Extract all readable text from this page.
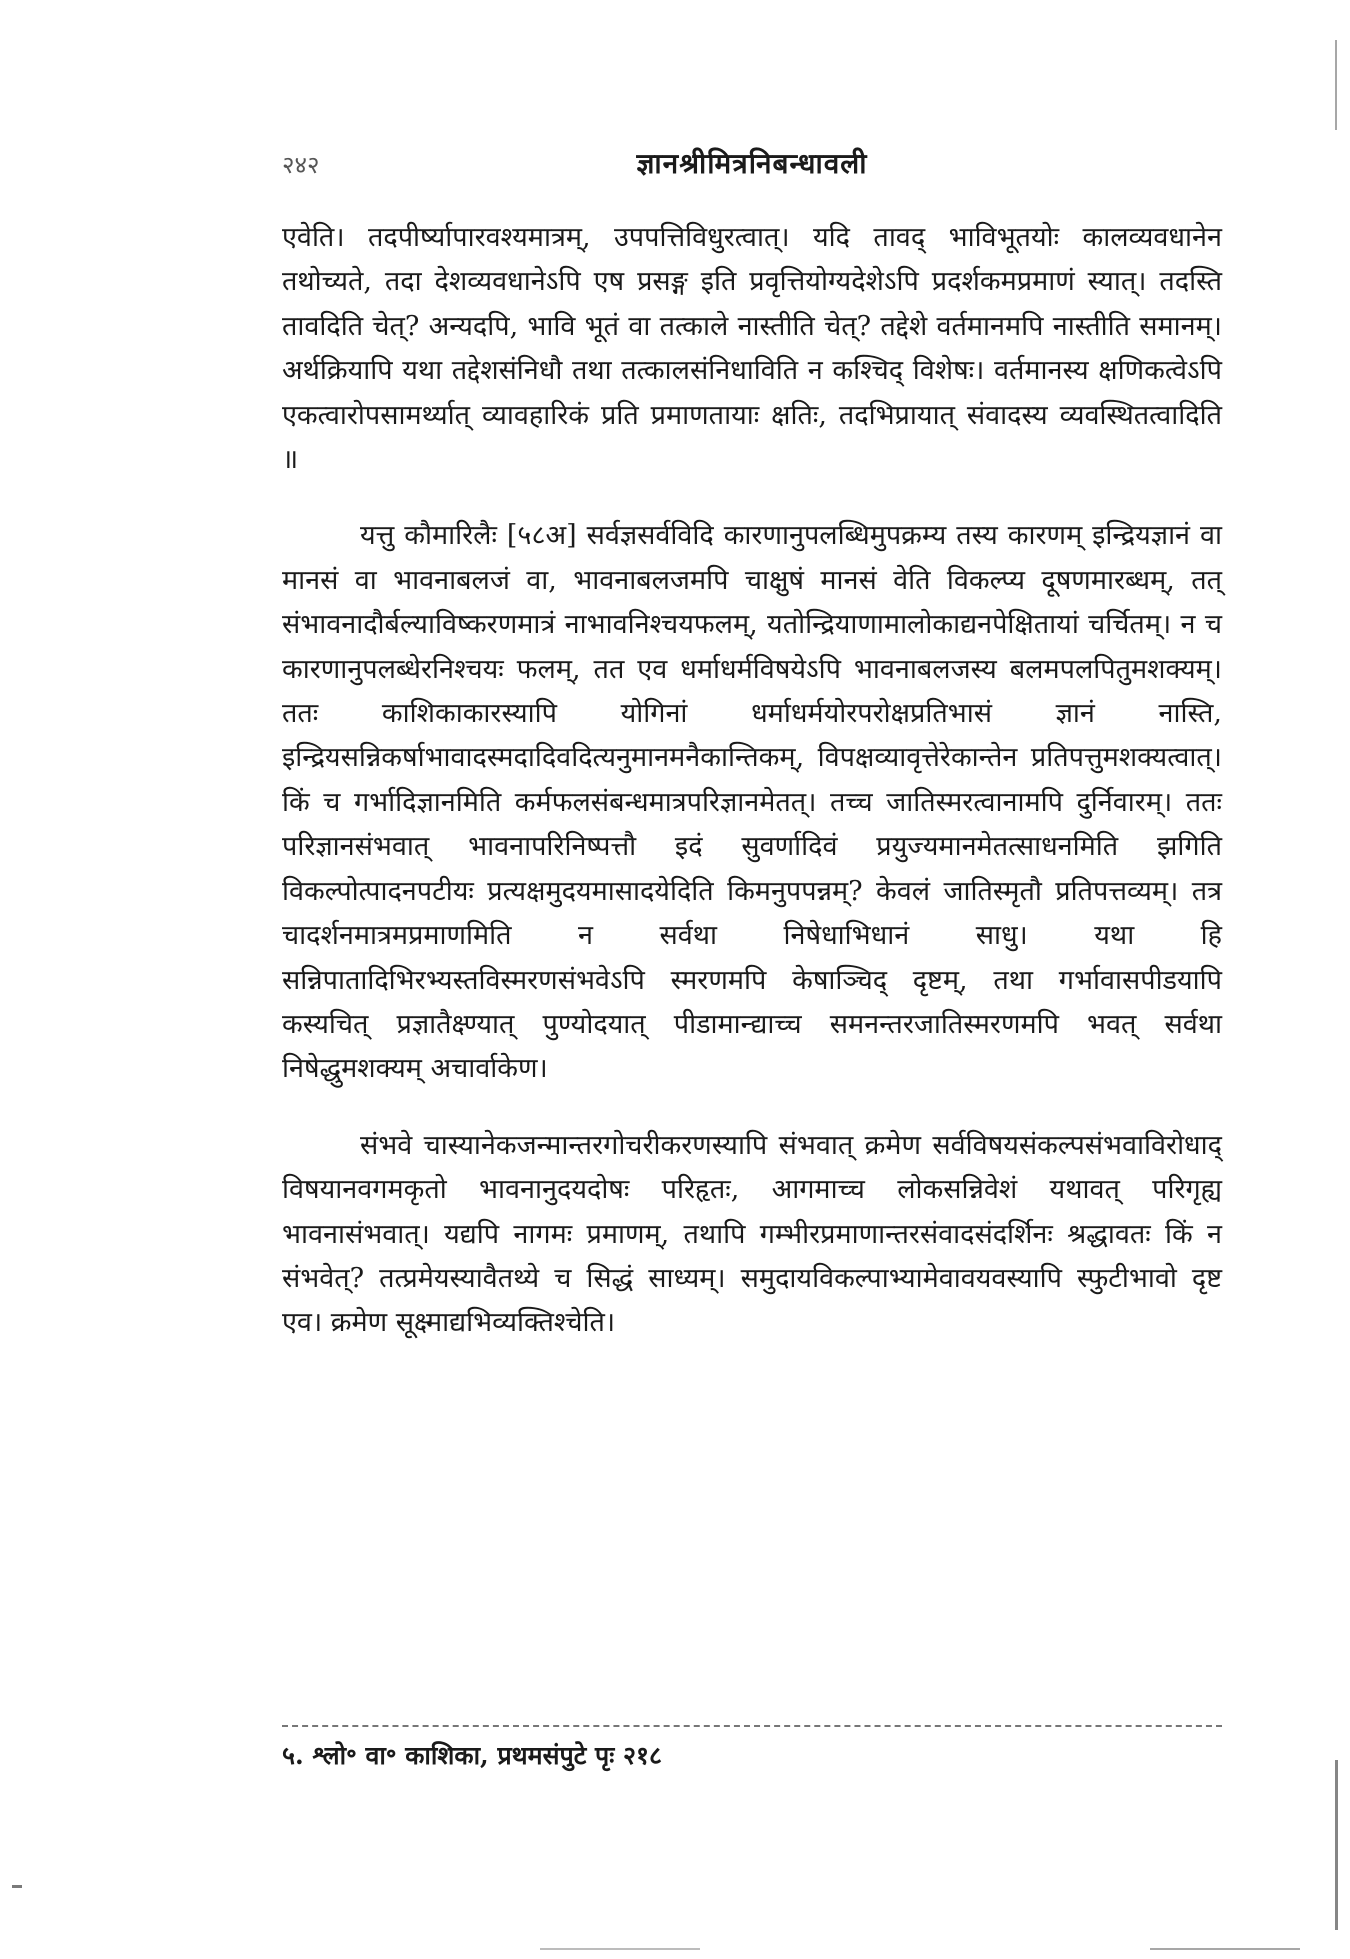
२४२	ज्ञानश्रीमित्रनिबन्धावली

एवेति। तदपीर्ष्यापारवश्यमात्रम्, उपपत्तिविधुरत्वात्। यदि तावद् भाविभूतयोः कालव्यवधानेन तथोच्यते, तदा देशव्यवधानेऽपि एष प्रसङ्ग इति प्रवृत्तियोग्यदेशेऽपि प्रदर्शकमप्रमाणं स्यात्। तदस्ति तावदिति चेत्? अन्यदपि, भावि भूतं वा तत्काले नास्तीति चेत्? तद्देशे वर्तमानमपि नास्तीति समानम्। अर्थक्रियापि यथा तद्देशसंनिधौ तथा तत्कालसंनिधाविति न कश्चिद् विशेषः। वर्तमानस्य क्षणिकत्वेऽपि एकत्वारोपसामर्थ्यात् व्यावहारिकं प्रति प्रमाणतायाः क्षतिः, तदभिप्रायात् संवादस्य व्यवस्थितत्वादिति ॥

यत्तु कौमारिलैः [५८अ] सर्वज्ञसर्वविदि कारणानुपलब्धिमुपक्रम्य तस्य कारणम् इन्द्रियज्ञानं वा मानसं वा भावनाबलजं वा, भावनाबलजमपि चाक्षुषं मानसं वेति विकल्प्य दूषणमारब्धम्, तत् संभावनादौर्बल्याविष्करणमात्रं नाभावनिश्चयफलम्, यतोन्द्रियाणामालोकाद्यनपेक्षितायां चर्चितम्। न च कारणानुपलब्धेरनिश्चयः फलम्, तत एव धर्माधर्मविषयेऽपि भावनाबलजस्य बलमपलपितुमशक्यम्। ततः काशिकाकारस्यापि योगिनां धर्माधर्मयोरपरोक्षप्रतिभासं ज्ञानं नास्ति, इन्द्रियसन्निकर्षाभावादस्मदादिवदित्यनुमानमनैकान्तिकम्, विपक्षव्यावृत्तेरेकान्तेन प्रतिपत्तुमशक्यत्वात्। किं च गर्भादिज्ञानमिति कर्मफलसंबन्धमात्रपरिज्ञानमेतत्। तच्च जातिस्मरत्वानामपि दुर्निवारम्। ततः परिज्ञानसंभवात् भावनापरिनिष्पत्तौ इदं सुवर्णादिवं प्रयुज्यमानमेतत्साधनमिति झगिति विकल्पोत्पादनपटीयः प्रत्यक्षमुदयमासादयेदिति किमनुपपन्नम्? केवलं जातिस्मृतौ प्रतिपत्तव्यम्। तत्र चादर्शनमात्रमप्रमाणमिति न सर्वथा निषेधाभिधानं साधु। यथा हि सन्निपातादिभिरभ्यस्तविस्मरणसंभवेऽपि स्मरणमपि केषाञ्चिद् दृष्टम्, तथा गर्भावासपीडयापि कस्यचित् प्रज्ञातैक्ष्ण्यात् पुण्योदयात् पीडामान्द्याच्च समनन्तरजातिस्मरणमपि भवत् सर्वथा निषेद्धुमशक्यम् अचार्वाकेण।

संभवे चास्यानेकजन्मान्तरगोचरीकरणस्यापि संभवात् क्रमेण सर्वविषयसंकल्पसंभवाविरोधाद् विषयानवगमकृतो भावनानुदयदोषः परिहृतः, आगमाच्च लोकसन्निवेशं यथावत् परिगृह्य भावनासंभवात्। यद्यपि नागमः प्रमाणम्, तथापि गम्भीरप्रमाणान्तरसंवादसंदर्शिनः श्रद्धावतः किं न संभवेत्? तत्प्रमेयस्यावैतथ्ये च सिद्धं साध्यम्। समुदायविकल्पाभ्यामेवावयवस्यापि स्फुटीभावो दृष्ट एव। क्रमेण सूक्ष्माद्यभिव्यक्तिश्चेति।

५. श्लो॰ वा॰ काशिका, प्रथमसंपुटे पृः २१८
